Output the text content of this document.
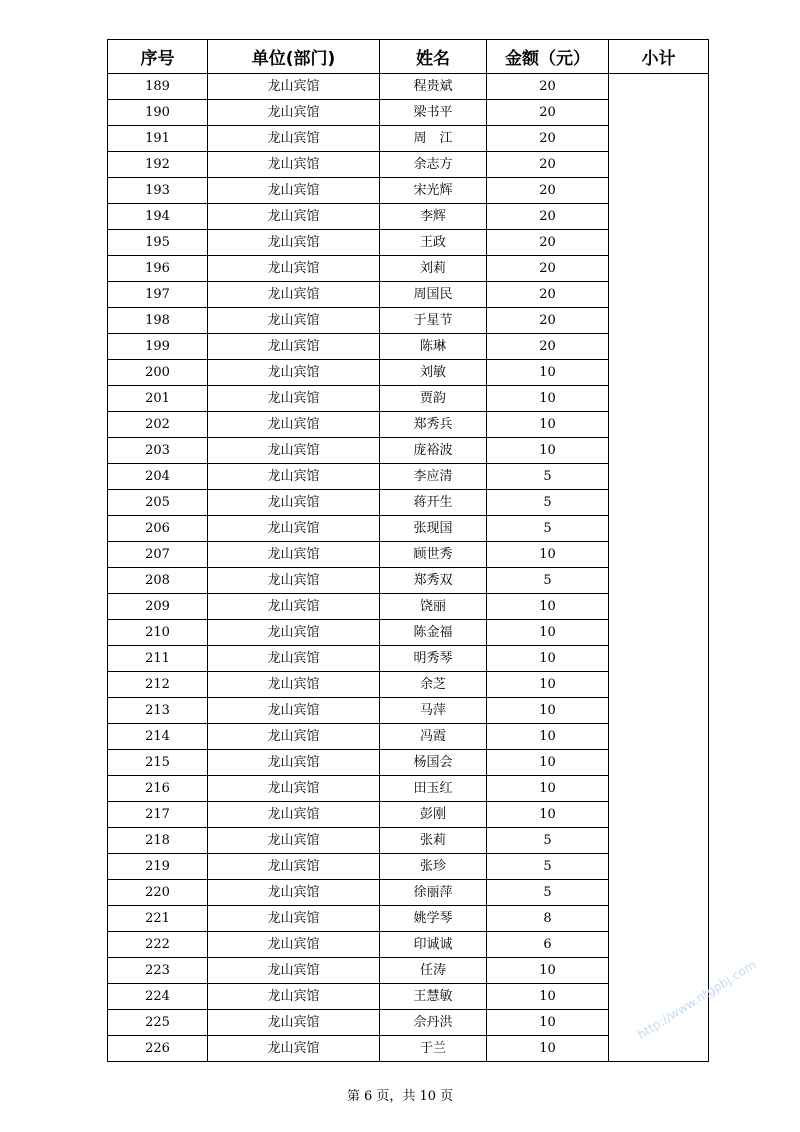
序号	单位(部门)	姓名	金额（元）	小计
189	龙山宾馆	程贵斌	20	
190	龙山宾馆	梁书平	20	
191	龙山宾馆	周　江	20	
192	龙山宾馆	余志方	20	
193	龙山宾馆	宋光辉	20	
194	龙山宾馆	李辉	20	
195	龙山宾馆	王政	20	
196	龙山宾馆	刘莉	20	
197	龙山宾馆	周国民	20	
198	龙山宾馆	于星节	20	
199	龙山宾馆	陈琳	20	
200	龙山宾馆	刘敏	10	
201	龙山宾馆	贾韵	10	
202	龙山宾馆	郑秀兵	10	
203	龙山宾馆	庞裕波	10	
204	龙山宾馆	李应清	5	
205	龙山宾馆	蒋开生	5	
206	龙山宾馆	张现国	5	
207	龙山宾馆	顾世秀	10	
208	龙山宾馆	郑秀双	5	
209	龙山宾馆	饶丽	10	
210	龙山宾馆	陈金福	10	
211	龙山宾馆	明秀琴	10	
212	龙山宾馆	余芝	10	
213	龙山宾馆	马萍	10	
214	龙山宾馆	冯霞	10	
215	龙山宾馆	杨国会	10	
216	龙山宾馆	田玉红	10	
217	龙山宾馆	彭刚	10	
218	龙山宾馆	张莉	5	
219	龙山宾馆	张珍	5	
220	龙山宾馆	徐丽萍	5	
221	龙山宾馆	姚学琴	8	
222	龙山宾馆	印诚诚	6	
223	龙山宾馆	任涛	10	
224	龙山宾馆	王慧敏	10	
225	龙山宾馆	佘丹洪	10	
226	龙山宾馆	于兰	10	
第 6 页，共 10 页
http://www.ntgpbj.com
